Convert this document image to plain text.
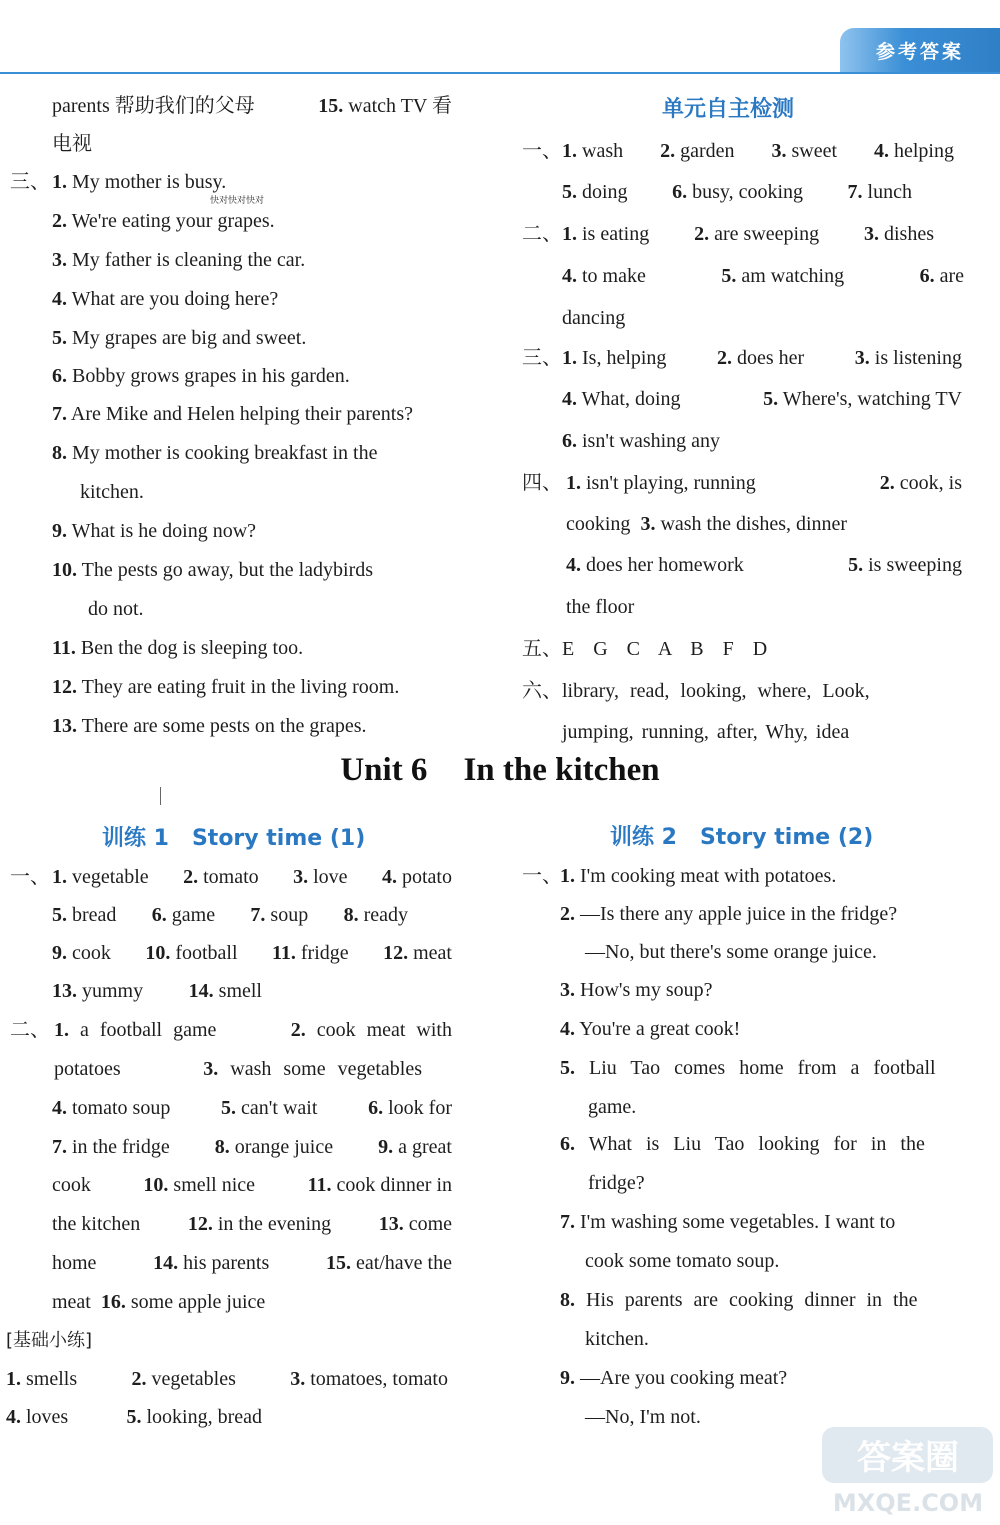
参考答案
parents 帮助我们的父母	15. watch TV 看
电视
三、 1. My mother is busy.
快对快对快对
2. We're eating your grapes.
3. My father is cleaning the car.
4. What are you doing here?
5. My grapes are big and sweet.
6. Bobby grows grapes in his garden.
7. Are Mike and Helen helping their parents?
8. My mother is cooking breakfast in the
kitchen.
9. What is he doing now?
10. The pests go away, but the ladybirds
do not.
11. Ben the dog is sleeping too.
12. They are eating fruit in the living room.
13. There are some pests on the grapes.
单元自主检测
一、 1. wash 2. garden 3. sweet 4. helping
5. doing 6. busy, cooking 7. lunch
二、 1. is eating 2. are sweeping 3. dishes
4. to make	5. am watching	6. are
dancing
三、 1. Is, helping	2. does her	3. is listening
4. What, doing	5. Where's, watching TV
6. isn't washing any
四、 1. isn't playing, running	2. cook, is
cooking 3. wash the dishes, dinner
4. does her homework	5. is sweeping
the floor
五、 E G C A B F D
六、 library, read, looking, where, Look,
jumping, running, after, Why, idea
Unit 6 In the kitchen
训练 1 Story time (1)
一、 1. vegetable 2. tomato 3. love 4. potato
5. bread 6. game 7. soup 8. ready
9. cook 10. football 11. fridge 12. meat
13. yummy 14. smell
二、 1. a football game	2. cook meat with
potatoes	3. wash some vegetables
4. tomato soup	5. can't wait	6. look for
7. in the fridge 8. orange juice 9. a great
cook	10. smell nice	11. cook dinner in
the kitchen 12. in the evening 13. come
home	14. his parents	15. eat/have the
meat 16. some apple juice
[基础小练]
1. smells	2. vegetables	3. tomatoes, tomato
4. loves	5. looking, bread
训练 2 Story time (2)
一、
1. I'm cooking meat with potatoes.
2. —Is there any apple juice in the fridge?
—No, but there's some orange juice.
3. How's my soup?
4. You're a great cook!
5. Liu Tao comes home from a football
game.
6. What is Liu Tao looking for in the
fridge?
7. I'm washing some vegetables. I want to
cook some tomato soup.
8. His parents are cooking dinner in the
kitchen.
9. —Are you cooking meat?
—No, I'm not.
答案圈
MXQE.COM
